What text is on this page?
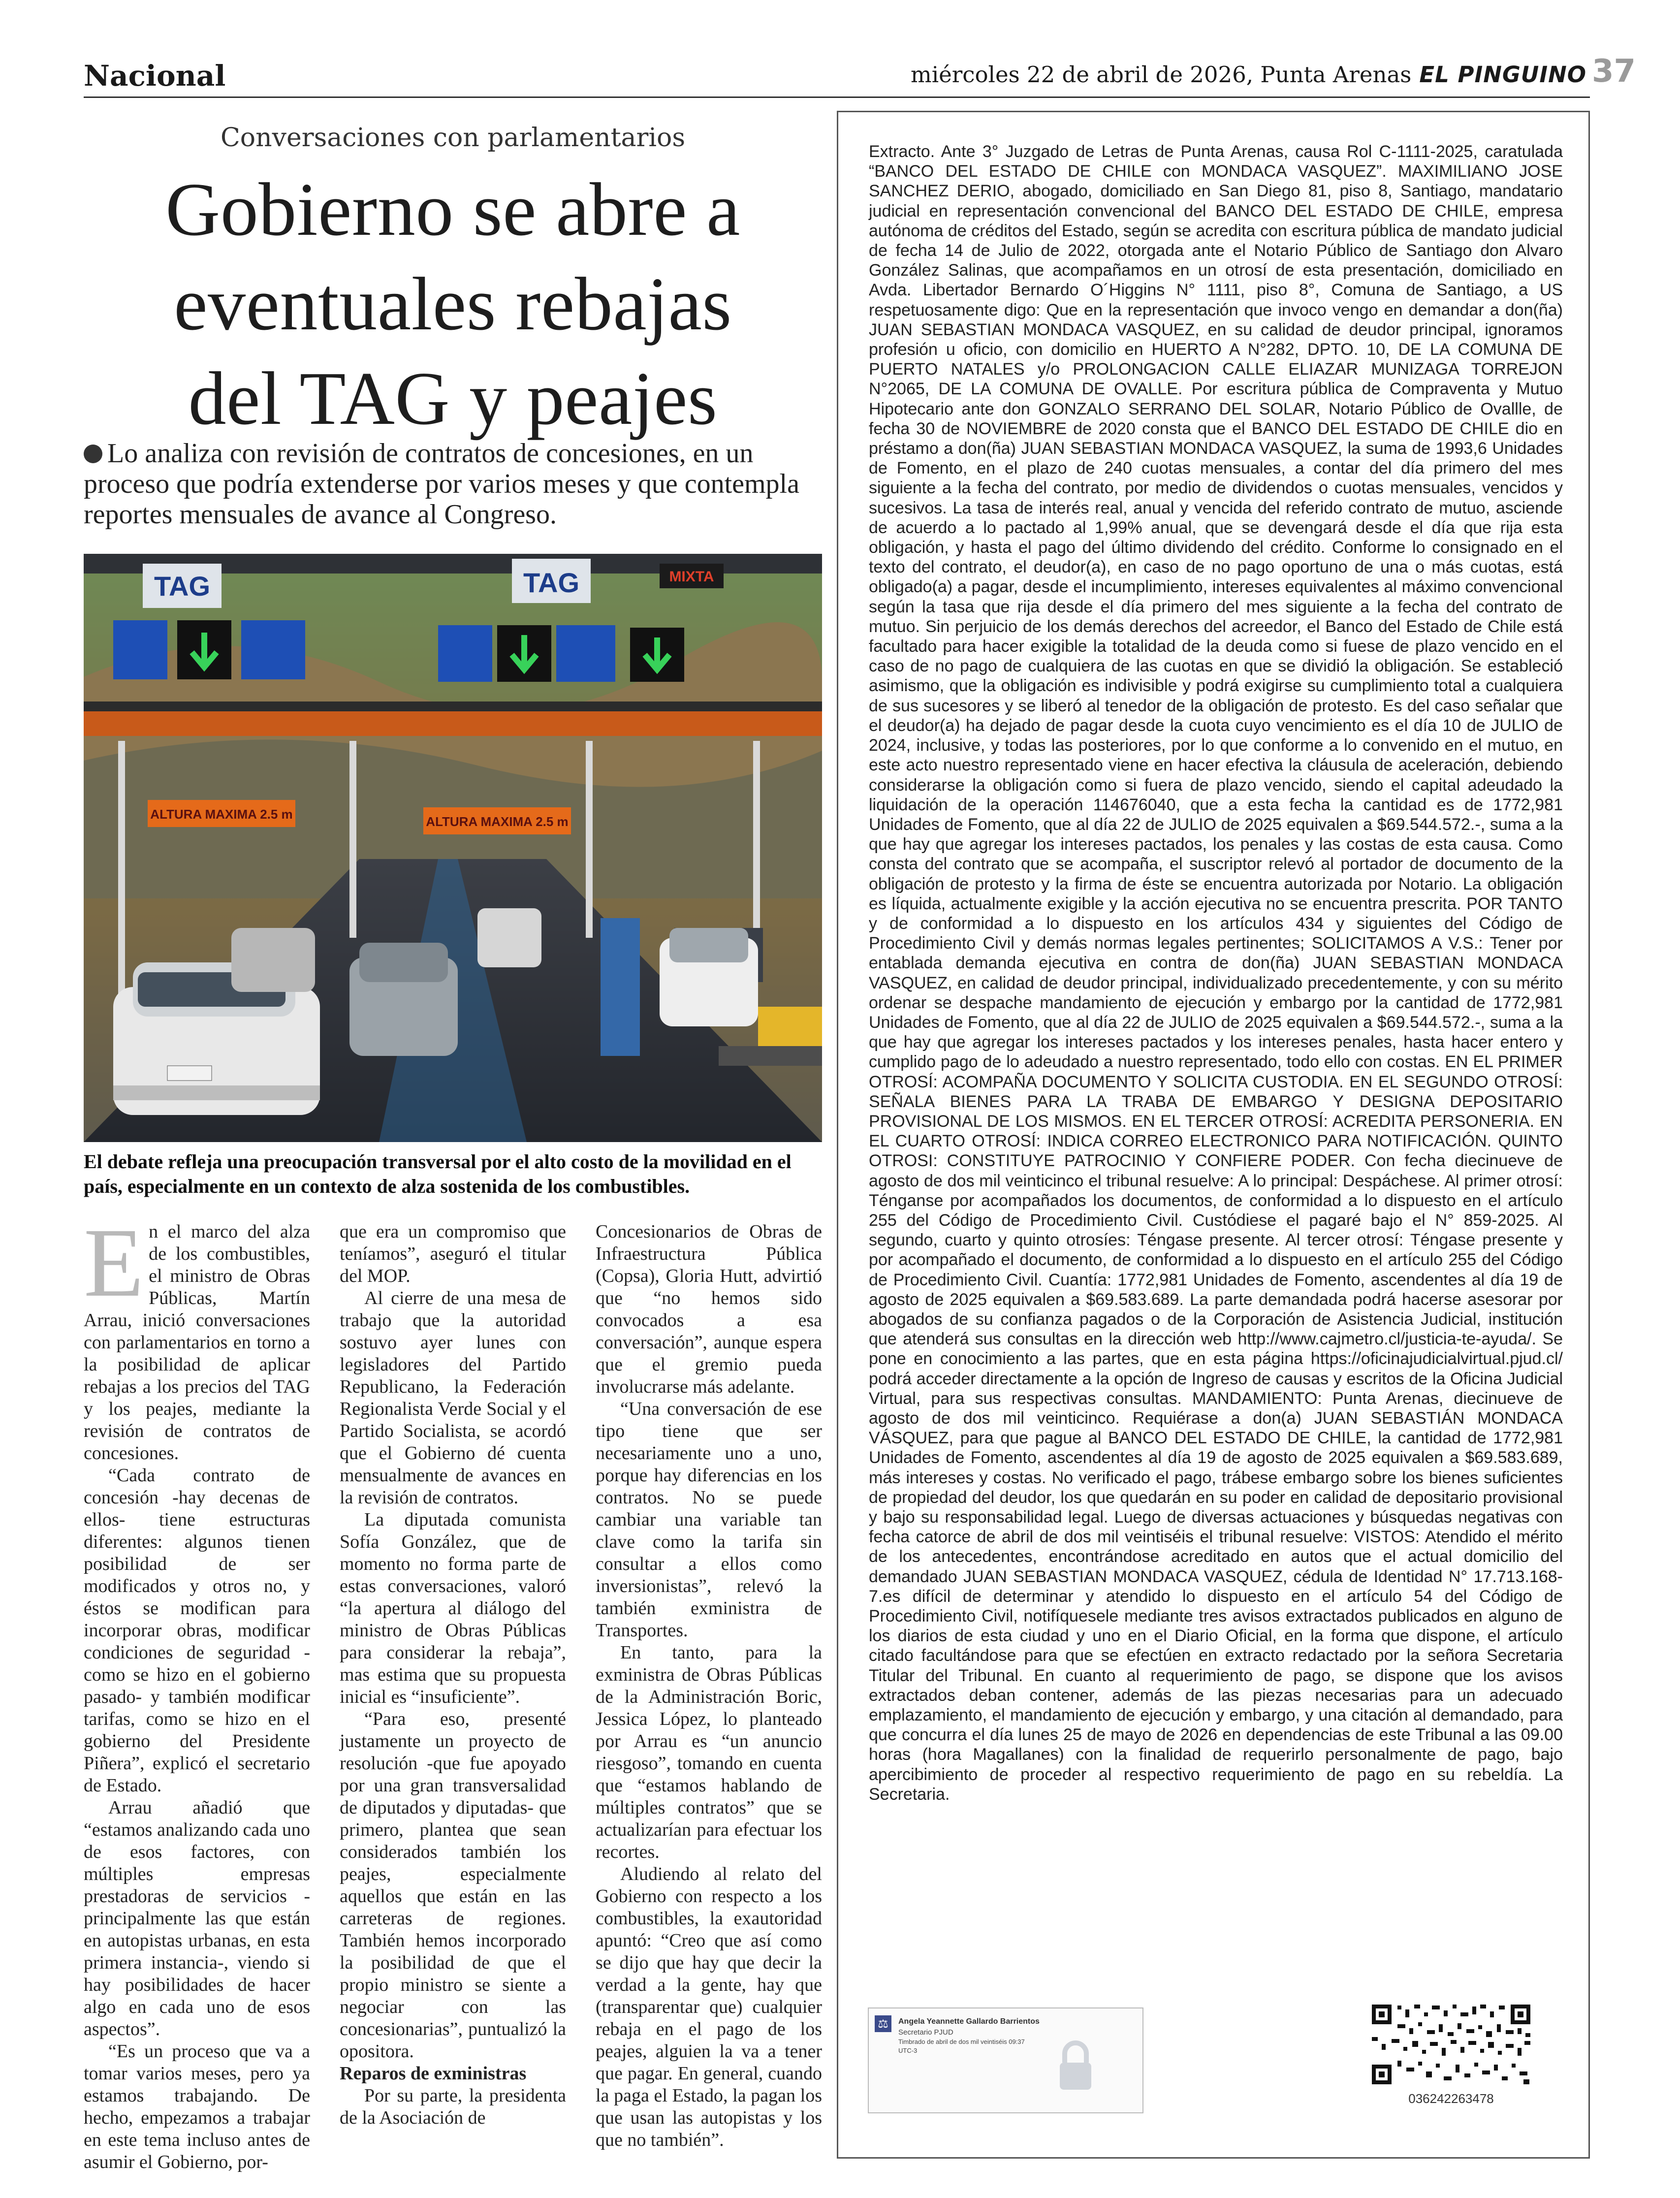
Nacional	miércoles 22 de abril de 2026, Punta Arenas EL PINGUINO 37
Conversaciones con parlamentarios
Gobierno se abre a
eventuales rebajas
del TAG y peajes
Lo analiza con revisión de contratos de concesiones, en un proceso que podría extenderse por varios meses y que contempla reportes mensuales de avance al Congreso.
TAG	TAG	MIXTA
ALTURA MAXIMA 2.5 m	ALTURA MAXIMA 2.5 m
El debate refleja una preocupación transversal por el alto costo de la movilidad en el país, especialmente en un contexto de alza sostenida de los combustibles.
E n el marco del alza de los combustibles, el ministro de Obras Públicas, Martín Arrau, inició conversaciones con parlamentarios en torno a la posibilidad de aplicar rebajas a los precios del TAG y los peajes, mediante la revisión de contratos de concesiones.

“Cada contrato de concesión -hay decenas de ellos- tiene estructuras diferentes: algunos tienen posibilidad de ser modificados y otros no, y éstos se modifican para incorporar obras, modificar condiciones de seguridad -como se hizo en el gobierno pasado- y también modificar tarifas, como se hizo en el gobierno del Presidente Piñera”, explicó el secretario de Estado.

Arrau añadió que “estamos analizando cada uno de esos factores, con múltiples empresas prestadoras de servicios -principalmente las que están en autopistas urbanas, en esta primera instancia-, viendo si hay posibilidades de hacer algo en cada uno de esos aspectos”.

“Es un proceso que va a tomar varios meses, pero ya estamos trabajando. De hecho, empezamos a trabajar en este tema incluso antes de asumir el Gobierno, por-

que era un compromiso que teníamos”, aseguró el titular del MOP.

Al cierre de una mesa de trabajo que la autoridad sostuvo ayer lunes con legisladores del Partido Republicano, la Federación Regionalista Verde Social y el Partido Socialista, se acordó que el Gobierno dé cuenta mensualmente de avances en la revisión de contratos.

La diputada comunista Sofía González, que de momento no forma parte de estas conversaciones, valoró “la apertura al diálogo del ministro de Obras Públicas para considerar la rebaja”, mas estima que su propuesta inicial es “insuficiente”.

“Para eso, presenté justamente un proyecto de resolución -que fue apoyado por una gran transversalidad de diputados y diputadas- que primero, plantea que sean considerados también los peajes, especialmente aquellos que están en las carreteras de regiones. También hemos incorporado la posibilidad de que el propio ministro se siente a negociar con las concesionarias”, puntualizó la opositora.

Reparos de exministras

Por su parte, la presidenta de la Asociación de

Concesionarios de Obras de Infraestructura Pública (Copsa), Gloria Hutt, advirtió que “no hemos sido convocados a esa conversación”, aunque espera que el gremio pueda involucrarse más adelante.

“Una conversación de ese tipo tiene que ser necesariamente uno a uno, porque hay diferencias en los contratos. No se puede cambiar una variable tan clave como la tarifa sin consultar a ellos como inversionistas”, relevó la también exministra de Transportes.

En tanto, para la exministra de Obras Públicas de la Administración Boric, Jessica López, lo planteado por Arrau es “un anuncio riesgoso”, tomando en cuenta que “estamos hablando de múltiples contratos” que se actualizarían para efectuar los recortes.

Aludiendo al relato del Gobierno con respecto a los combustibles, la exautoridad apuntó: “Creo que así como se dijo que hay que decir la verdad a la gente, hay que (transparentar que) cualquier rebaja en el pago de los peajes, alguien la va a tener que pagar. En general, cuando la paga el Estado, la pagan los que usan las autopistas y los que no también”.

Extracto. Ante 3° Juzgado de Letras de Punta Arenas, causa Rol C-1111-2025, caratulada “BANCO DEL ESTADO DE CHILE con MONDACA VASQUEZ”. MAXIMILIANO JOSE SANCHEZ DERIO, abogado, domiciliado en San Diego 81, piso 8, Santiago, mandatario judicial en representación convencional del BANCO DEL ESTADO DE CHILE, empresa autónoma de créditos del Estado, según se acredita con escritura pública de mandato judicial de fecha 14 de Julio de 2022, otorgada ante el Notario Público de Santiago don Alvaro González Salinas, que acompañamos en un otrosí de esta presentación, domiciliado en Avda. Libertador Bernardo O´Higgins N° 1111, piso 8°, Comuna de Santiago, a US respetuosamente digo: Que en la representación que invoco vengo en demandar a don(ña) JUAN SEBASTIAN MONDACA VASQUEZ, en su calidad de deudor principal, ignoramos profesión u oficio, con domicilio en HUERTO A N°282, DPTO. 10, DE LA COMUNA DE PUERTO NATALES y/o PROLONGACION CALLE ELIAZAR MUNIZAGA TORREJON N°2065, DE LA COMUNA DE OVALLE. Por escritura pública de Compraventa y Mutuo Hipotecario ante don GONZALO SERRANO DEL SOLAR, Notario Público de Ovallle, de fecha 30 de NOVIEMBRE de 2020 consta que el BANCO DEL ESTADO DE CHILE dio en préstamo a don(ña) JUAN SEBASTIAN MONDACA VASQUEZ, la suma de 1993,6 Unidades de Fomento, en el plazo de 240 cuotas mensuales, a contar del día primero del mes siguiente a la fecha del contrato, por medio de dividendos o cuotas mensuales, vencidos y sucesivos. La tasa de interés real, anual y vencida del referido contrato de mutuo, asciende de acuerdo a lo pactado al 1,99% anual, que se devengará desde el día que rija esta obligación, y hasta el pago del último dividendo del crédito. Conforme lo consignado en el texto del contrato, el deudor(a), en caso de no pago oportuno de una o más cuotas, está obligado(a) a pagar, desde el incumplimiento, intereses equivalentes al máximo convencional según la tasa que rija desde el día primero del mes siguiente a la fecha del contrato de mutuo. Sin perjuicio de los demás derechos del acreedor, el Banco del Estado de Chile está facultado para hacer exigible la totalidad de la deuda como si fuese de plazo vencido en el caso de no pago de cualquiera de las cuotas en que se dividió la obligación. Se estableció asimismo, que la obligación es indivisible y podrá exigirse su cumplimiento total a cualquiera de sus sucesores y se liberó al tenedor de la obligación de protesto. Es del caso señalar que el deudor(a) ha dejado de pagar desde la cuota cuyo vencimiento es el día 10 de JULIO de 2024, inclusive, y todas las posteriores, por lo que conforme a lo convenido en el mutuo, en este acto nuestro representado viene en hacer efectiva la cláusula de aceleración, debiendo considerarse la obligación como si fuera de plazo vencido, siendo el capital adeudado la liquidación de la operación 114676040, que a esta fecha la cantidad es de 1772,981 Unidades de Fomento, que al día 22 de JULIO de 2025 equivalen a $69.544.572.-, suma a la que hay que agregar los intereses pactados, los penales y las costas de esta causa. Como consta del contrato que se acompaña, el suscriptor relevó al portador de documento de la obligación de protesto y la firma de éste se encuentra autorizada por Notario. La obligación es líquida, actualmente exigible y la acción ejecutiva no se encuentra prescrita. POR TANTO y de conformidad a lo dispuesto en los artículos 434 y siguientes del Código de Procedimiento Civil y demás normas legales pertinentes; SOLICITAMOS A V.S.: Tener por entablada demanda ejecutiva en contra de don(ña) JUAN SEBASTIAN MONDACA VASQUEZ, en calidad de deudor principal, individualizado precedentemente, y con su mérito ordenar se despache mandamiento de ejecución y embargo por la cantidad de 1772,981 Unidades de Fomento, que al día 22 de JULIO de 2025 equivalen a $69.544.572.-, suma a la que hay que agregar los intereses pactados y los intereses penales, hasta hacer entero y cumplido pago de lo adeudado a nuestro representado, todo ello con costas. EN EL PRIMER OTROSÍ: ACOMPAÑA DOCUMENTO Y SOLICITA CUSTODIA. EN EL SEGUNDO OTROSÍ: SEÑALA BIENES PARA LA TRABA DE EMBARGO Y DESIGNA DEPOSITARIO PROVISIONAL DE LOS MISMOS. EN EL TERCER OTROSÍ: ACREDITA PERSONERIA. EN EL CUARTO OTROSÍ: INDICA CORREO ELECTRONICO PARA NOTIFICACIÓN. QUINTO OTROSI: CONSTITUYE PATROCINIO Y CONFIERE PODER. Con fecha diecinueve de agosto de dos mil veinticinco el tribunal resuelve: A lo principal: Despáchese. Al primer otrosí: Ténganse por acompañados los documentos, de conformidad a lo dispuesto en el artículo 255 del Código de Procedimiento Civil. Custódiese el pagaré bajo el N° 859-2025. Al segundo, cuarto y quinto otrosíes: Téngase presente. Al tercer otrosí: Téngase presente y por acompañado el documento, de conformidad a lo dispuesto en el artículo 255 del Código de Procedimiento Civil. Cuantía: 1772,981 Unidades de Fomento, ascendentes al día 19 de agosto de 2025 equivalen a $69.583.689. La parte demandada podrá hacerse asesorar por abogados de su confianza pagados o de la Corporación de Asistencia Judicial, institución que atenderá sus consultas en la dirección web http://www.cajmetro.cl/justicia-te-ayuda/. Se pone en conocimiento a las partes, que en esta página https://oficinajudicialvirtual.pjud.cl/ podrá acceder directamente a la opción de Ingreso de causas y escritos de la Oficina Judicial Virtual, para sus respectivas consultas. MANDAMIENTO: Punta Arenas, diecinueve de agosto de dos mil veinticinco. Requiérase a don(a) JUAN SEBASTIÁN MONDACA VÁSQUEZ, para que pague al BANCO DEL ESTADO DE CHILE, la cantidad de 1772,981 Unidades de Fomento, ascendentes al día 19 de agosto de 2025 equivalen a $69.583.689, más intereses y costas. No verificado el pago, trábese embargo sobre los bienes suficientes de propiedad del deudor, los que quedarán en su poder en calidad de depositario provisional y bajo su responsabilidad legal. Luego de diversas actuaciones y búsquedas negativas con fecha catorce de abril de dos mil veintiséis el tribunal resuelve: VISTOS: Atendido el mérito de los antecedentes, encontrándose acreditado en autos que el actual domicilio del demandado JUAN SEBASTIAN MONDACA VASQUEZ, cédula de Identidad N° 17.713.168-7.es difícil de determinar y atendido lo dispuesto en el artículo 54 del Código de Procedimiento Civil, notifíquesele mediante tres avisos extractados publicados en alguno de los diarios de esta ciudad y uno en el Diario Oficial, en la forma que dispone, el artículo citado facultándose para que se efectúen en extracto redactado por la señora Secretaria Titular del Tribunal. En cuanto al requerimiento de pago, se dispone que los avisos extractados deban contener, además de las piezas necesarias para un adecuado emplazamiento, el mandamiento de ejecución y embargo, y una citación al demandado, para que concurra el día lunes 25 de mayo de 2026 en dependencias de este Tribunal a las 09.00 horas (hora Magallanes) con la finalidad de requerirlo personalmente de pago, bajo apercibimiento de proceder al respectivo requerimiento de pago en su rebeldía. La Secretaria.
⚖	Angela Yeannette Gallardo Barrientos
Secretario PJUD
Timbrado de abril de dos mil veintiséis 09:37
UTC-3
036242263478
